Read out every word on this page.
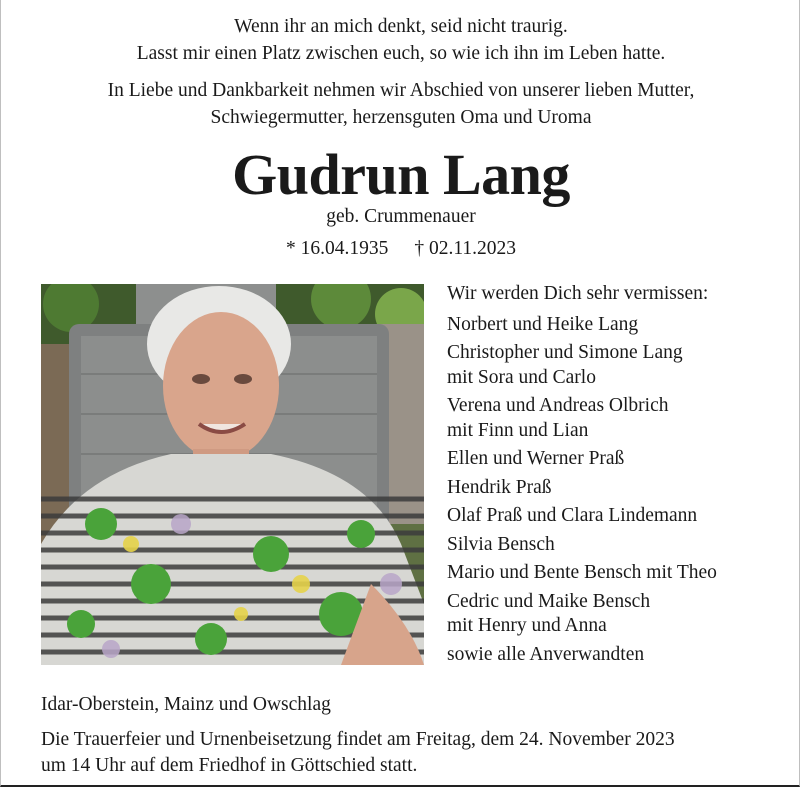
Wenn ihr an mich denkt, seid nicht traurig.
Lasst mir einen Platz zwischen euch, so wie ich ihn im Leben hatte.
In Liebe und Dankbarkeit nehmen wir Abschied von unserer lieben Mutter,
Schwiegermutter, herzensguten Oma und Uroma
Gudrun Lang
geb. Crummenauer
* 16.04.1935 † 02.11.2023
Wir werden Dich sehr vermissen:
Norbert und Heike Lang
Christopher und Simone Lang
mit Sora und Carlo
Verena und Andreas Olbrich
mit Finn und Lian
Ellen und Werner Praß
Hendrik Praß
Olaf Praß und Clara Lindemann
Silvia Bensch
Mario und Bente Bensch mit Theo
Cedric und Maike Bensch
mit Henry und Anna
sowie alle Anverwandten
Idar-Oberstein, Mainz und Owschlag
Die Trauerfeier und Urnenbeisetzung findet am Freitag, dem 24. November 2023
um 14 Uhr auf dem Friedhof in Göttschied statt.
